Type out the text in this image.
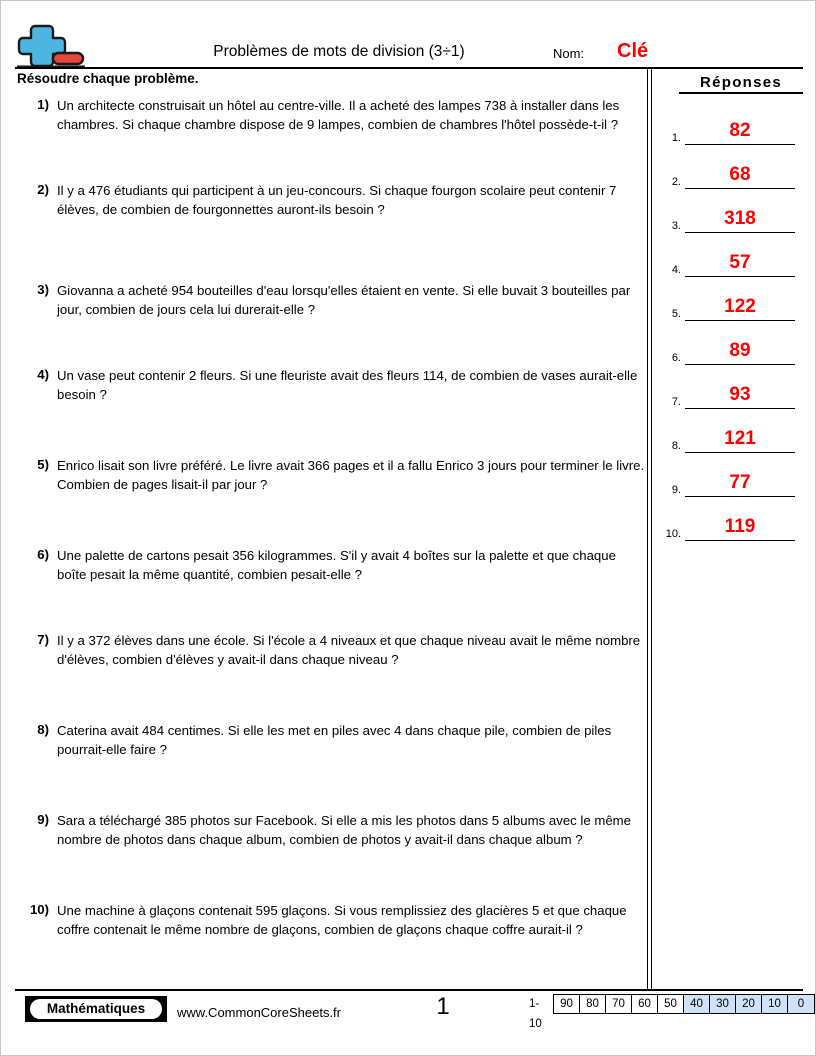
Problèmes de mots de division (3÷1)	Nom: Clé
Résoudre chaque problème.
1) Un architecte construisait un hôtel au centre-ville. Il a acheté des lampes 738 à installer dans les chambres. Si chaque chambre dispose de 9 lampes, combien de chambres l'hôtel possède-t-il ?
2) Il y a 476 étudiants qui participent à un jeu-concours. Si chaque fourgon scolaire peut contenir 7 élèves, de combien de fourgonnettes auront-ils besoin ?
3) Giovanna a acheté 954 bouteilles d'eau lorsqu'elles étaient en vente. Si elle buvait 3 bouteilles par jour, combien de jours cela lui durerait-elle ?
4) Un vase peut contenir 2 fleurs. Si une fleuriste avait des fleurs 114, de combien de vases aurait-elle besoin ?
5) Enrico lisait son livre préféré. Le livre avait 366 pages et il a fallu Enrico 3 jours pour terminer le livre. Combien de pages lisait-il par jour ?
6) Une palette de cartons pesait 356 kilogrammes. S'il y avait 4 boîtes sur la palette et que chaque boîte pesait la même quantité, combien pesait-elle ?
7) Il y a 372 élèves dans une école. Si l'école a 4 niveaux et que chaque niveau avait le même nombre d'élèves, combien d'élèves y avait-il dans chaque niveau ?
8) Caterina avait 484 centimes. Si elle les met en piles avec 4 dans chaque pile, combien de piles pourrait-elle faire ?
9) Sara a téléchargé 385 photos sur Facebook. Si elle a mis les photos dans 5 albums avec le même nombre de photos dans chaque album, combien de photos y avait-il dans chaque album ?
10) Une machine à glaçons contenait 595 glaçons. Si vous remplissiez des glacières 5 et que chaque coffre contenait le même nombre de glaçons, combien de glaçons chaque coffre aurait-il ?
Réponses
1.	82
2.	68
3.	318
4.	57
5.	122
6.	89
7.	93
8.	121
9.	77
10.	119
Mathématiques	www.CommonCoreSheets.fr	1	1-10
90	80	70	60	50	40	30	20	10	0
